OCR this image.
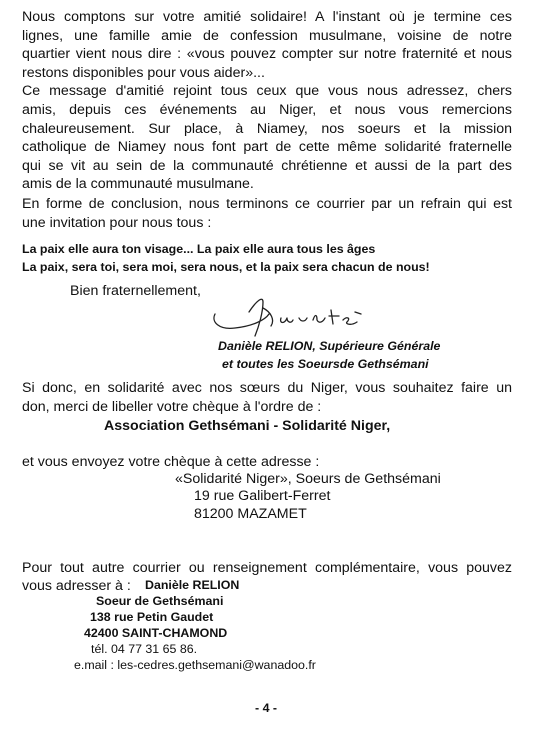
Nous comptons sur votre amitié solidaire! A l'instant où je termine ces
lignes, une famille amie de confession musulmane, voisine de notre
quartier vient nous dire : «vous pouvez compter sur notre fraternité et nous
restons disponibles pour vous aider»...
Ce message d'amitié rejoint tous ceux que vous nous adressez, chers
amis, depuis ces événements au Niger, et nous vous remercions
chaleureusement. Sur place, à Niamey, nos soeurs et la mission
catholique de Niamey nous font part de cette même solidarité fraternelle
qui se vit au sein de la communauté chrétienne et aussi de la part des
amis de la communauté musulmane.

En forme de conclusion, nous terminons ce courrier par un refrain qui est
une invitation pour nous tous :

La paix elle aura ton visage... La paix elle aura tous les âges
La paix, sera toi, sera moi, sera nous, et la paix sera chacun de nous!
Bien fraternellement,
Danièle RELION, Supérieure Générale
et toutes les Soeursde Gethsémani

Si donc, en solidarité avec nos sœurs du Niger, vous souhaitez faire un
don, merci de libeller votre chèque à l'ordre de :

Association Gethsémani - Solidarité Niger,
et vous envoyez votre chèque à cette adresse :
«Solidarité Niger», Soeurs de Gethsémani
19 rue Galibert-Ferret
81200 MAZAMET

Pour tout autre courrier ou renseignement complémentaire, vous pouvez

vous adresser à : Danièle RELION
Soeur de Gethsémani
138 rue Petin Gaudet
42400 SAINT-CHAMOND
tél. 04 77 31 65 86.
e.mail : les-cedres.gethsemani@wanadoo.fr
- 4 -
